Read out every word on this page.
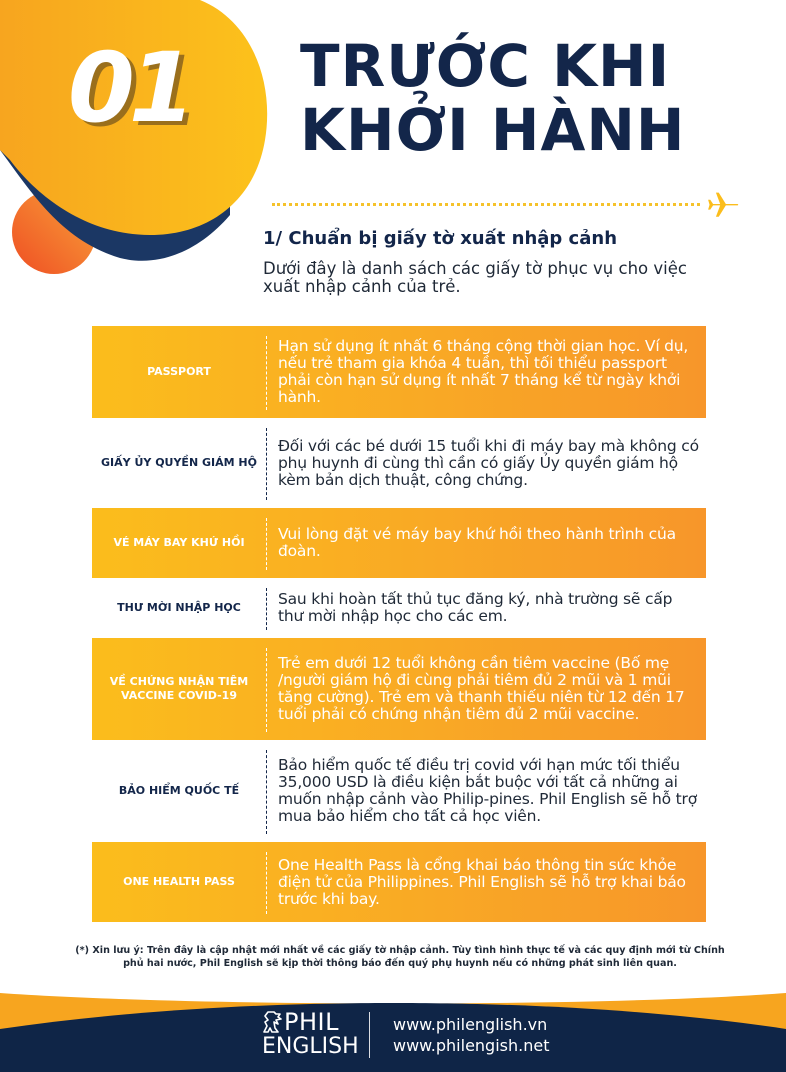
01 TRƯỚC KHI
KHỞI HÀNH
1/ Chuẩn bị giấy tờ xuất nhập cảnh

Dưới đây là danh sách các giấy tờ phục vụ cho việc xuất nhập cảnh của trẻ.

PASSPORT
Hạn sử dụng ít nhất 6 tháng cộng thời gian học. Ví dụ, nếu trẻ tham gia khóa 4 tuần, thì tối thiểu passport phải còn hạn sử dụng ít nhất 7 tháng kể từ ngày khởi hành.
GIẤY ỦY QUYỀN GIÁM HỘ
Đối với các bé dưới 15 tuổi khi đi máy bay mà không có phụ huynh đi cùng thì cần có giấy Ủy quyền giám hộ kèm bản dịch thuật, công chứng.
VÉ MÁY BAY KHỨ HỒI	Vui lòng đặt vé máy bay khứ hồi theo hành trình của đoàn.
THƯ MỜI NHẬP HỌC	Sau khi hoàn tất thủ tục đăng ký, nhà trường sẽ cấp thư mời nhập học cho các em.
VỀ CHỨNG NHẬN TIÊM VACCINE COVID-19
Trẻ em dưới 12 tuổi không cần tiêm vaccine (Bố mẹ /người giám hộ đi cùng phải tiêm đủ 2 mũi và 1 mũi tăng cường). Trẻ em và thanh thiếu niên từ 12 đến 17 tuổi phải có chứng nhận tiêm đủ 2 mũi vaccine.
BẢO HIỂM QUỐC TẾ
Bảo hiểm quốc tế điều trị covid với hạn mức tối thiểu 35,000 USD là điều kiện bắt buộc với tất cả những ai muốn nhập cảnh vào Philip-pines. Phil English sẽ hỗ trợ mua bảo hiểm cho tất cả học viên.
ONE HEALTH PASS
One Health Pass là cổng khai báo thông tin sức khỏe điện tử của Philippines. Phil English sẽ hỗ trợ khai báo trước khi bay.

(*) Xin lưu ý: Trên đây là cập nhật mới nhất về các giấy tờ nhập cảnh. Tùy tình hình thực tế và các quy định mới từ Chính phủ hai nước, Phil English sẽ kịp thời thông báo đến quý phụ huynh nếu có những phát sinh liên quan.

PHIL
ENGLISH
www.philenglish.vn
www.philengish.net
